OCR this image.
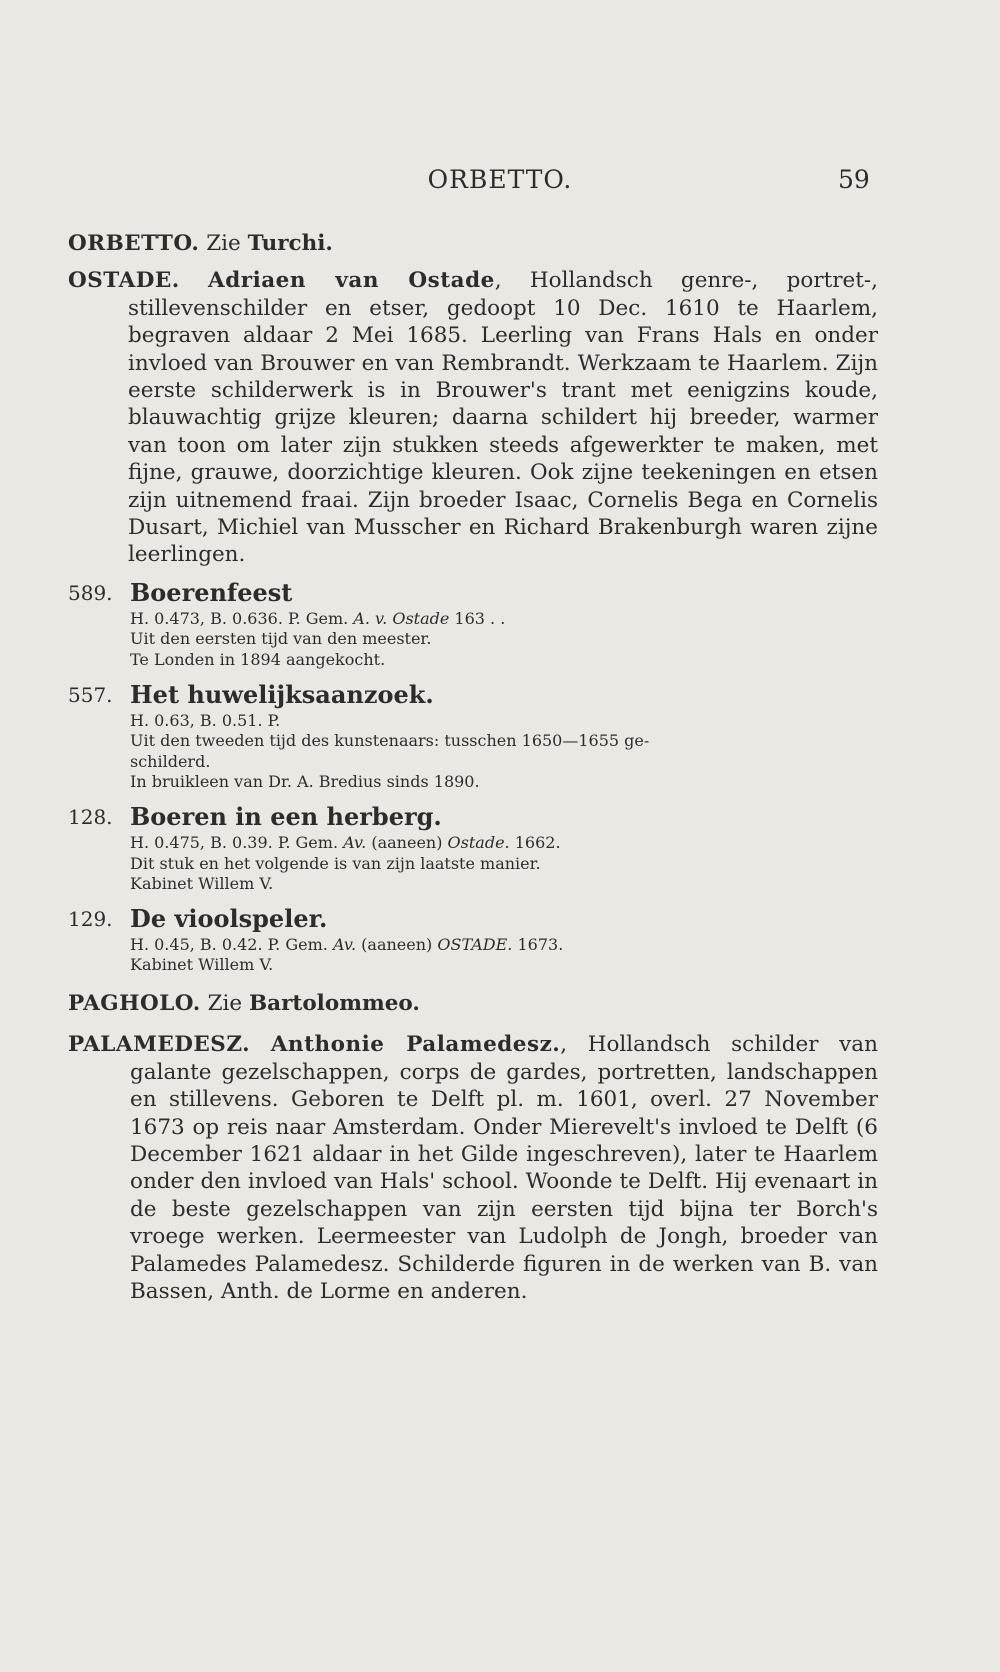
ORBETTO.	59

ORBETTO. Zie Turchi.

OSTADE. Adriaen van Ostade, Hollandsch genre-, portret-, stillevenschilder en etser, gedoopt 10 Dec. 1610 te Haarlem, begraven aldaar 2 Mei 1685. Leerling van Frans Hals en onder invloed van Brouwer en van Rembrandt. Werkzaam te Haarlem. Zijn eerste schilderwerk is in Brouwer's trant met eenigzins koude, blauwachtig grijze kleuren; daarna schildert hij breeder, warmer van toon om later zijn stukken steeds afgewerkter te maken, met fijne, grauwe, doorzichtige kleuren. Ook zijne teekeningen en etsen zijn uitnemend fraai. Zijn broeder Isaac, Cornelis Bega en Cornelis Dusart, Michiel van Musscher en Richard Brakenburgh waren zijne leerlingen.

589. Boerenfeest
H. 0.473, B. 0.636. P. Gem. A. v. Ostade 163 . .
Uit den eersten tijd van den meester.
Te Londen in 1894 aangekocht.
557. Het huwelijksaanzoek.
H. 0.63, B. 0.51. P.
Uit den tweeden tijd des kunstenaars: tusschen 1650—1655 ge-
schilderd.
In bruikleen van Dr. A. Bredius sinds 1890.
128. Boeren in een herberg.
H. 0.475, B. 0.39. P. Gem. Av. (aaneen) Ostade. 1662.
Dit stuk en het volgende is van zijn laatste manier.
Kabinet Willem V.
129. De vioolspeler.
H. 0.45, B. 0.42. P. Gem. Av. (aaneen) OSTADE. 1673.
Kabinet Willem V.

PAGHOLO. Zie Bartolommeo.

PALAMEDESZ. Anthonie Palamedesz., Hollandsch schilder van galante gezelschappen, corps de gardes, portretten, landschappen en stillevens. Geboren te Delft pl. m. 1601, overl. 27 November 1673 op reis naar Amsterdam. Onder Mierevelt's invloed te Delft (6 December 1621 aldaar in het Gilde ingeschreven), later te Haarlem onder den invloed van Hals' school. Woonde te Delft. Hij evenaart in de beste gezelschappen van zijn eersten tijd bijna ter Borch's vroege werken. Leermeester van Ludolph de Jongh, broeder van Palamedes Palamedesz. Schilderde figuren in de werken van B. van Bassen, Anth. de Lorme en anderen.
